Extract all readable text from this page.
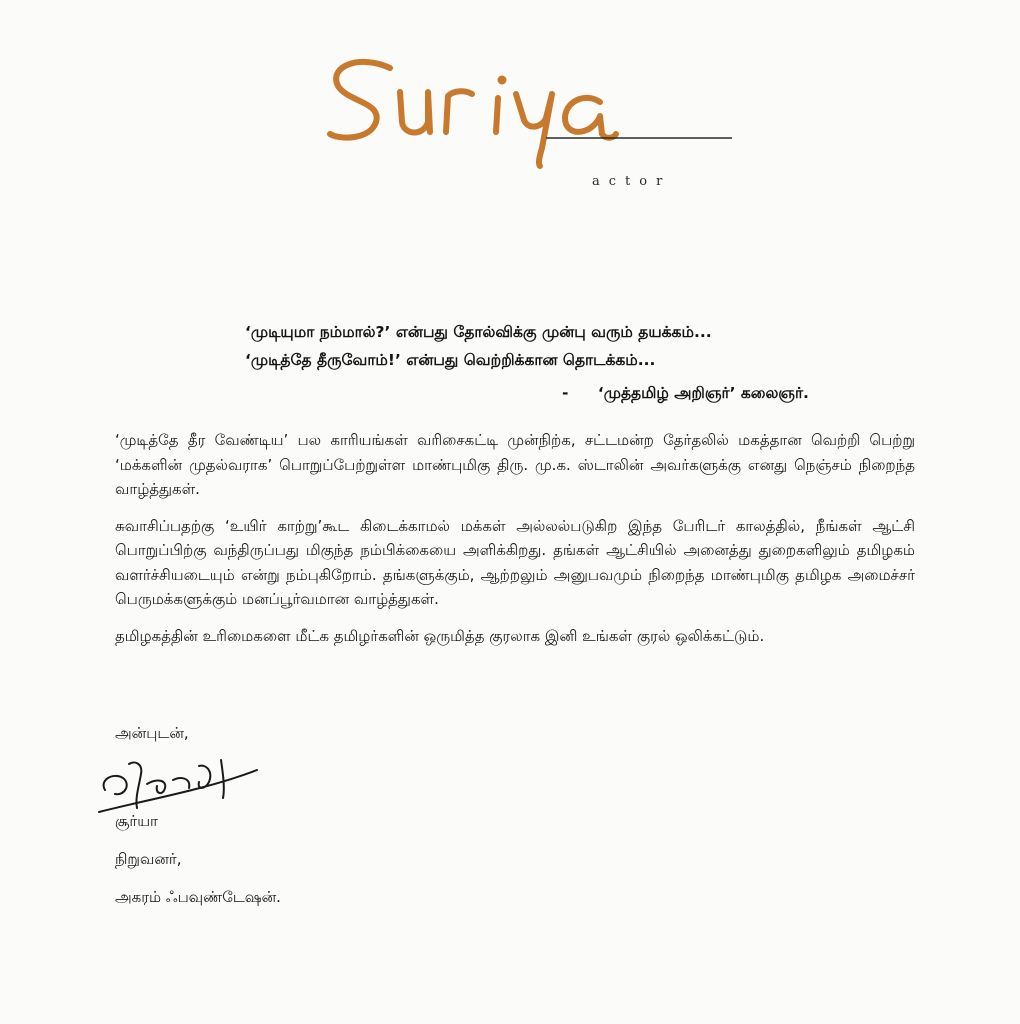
actor

‘முடியுமா நம்மால்?’ என்பது தோல்விக்கு முன்பு வரும் தயக்கம்...

‘முடித்தே தீருவோம்!’ என்பது வெற்றிக்கான தொடக்கம்...

- ‘முத்தமிழ் அறிஞர்’ கலைஞர்.

‘முடித்தே தீர வேண்டிய’ பல காரியங்கள் வரிசைகட்டி முன்நிற்க, சட்டமன்ற தேர்தலில் மகத்தான வெற்றி பெற்று ‘மக்களின் முதல்வராக’ பொறுப்பேற்றுள்ள மாண்புமிகு திரு. மு.க. ஸ்டாலின் அவர்களுக்கு எனது நெஞ்சம் நிறைந்த வாழ்த்துகள்.

சுவாசிப்பதற்கு ‘உயிர் காற்று’கூட கிடைக்காமல் மக்கள் அல்லல்படுகிற இந்த பேரிடர் காலத்தில், நீங்கள் ஆட்சி பொறுப்பிற்கு வந்திருப்பது மிகுந்த நம்பிக்கையை அளிக்கிறது. தங்கள் ஆட்சியில் அனைத்து துறைகளிலும் தமிழகம் வளர்ச்சியடையும் என்று நம்புகிறோம். தங்களுக்கும், ஆற்றலும் அனுபவமும் நிறைந்த மாண்புமிகு தமிழக அமைச்சர் பெருமக்களுக்கும் மனப்பூர்வமான வாழ்த்துகள்.

தமிழகத்தின் உரிமைகளை மீட்க தமிழர்களின் ஒருமித்த குரலாக இனி உங்கள் குரல் ஒலிக்கட்டும்.

அன்புடன்,
சூர்யா
நிறுவனர்,
அகரம் ஃபவுண்டேஷன்.
